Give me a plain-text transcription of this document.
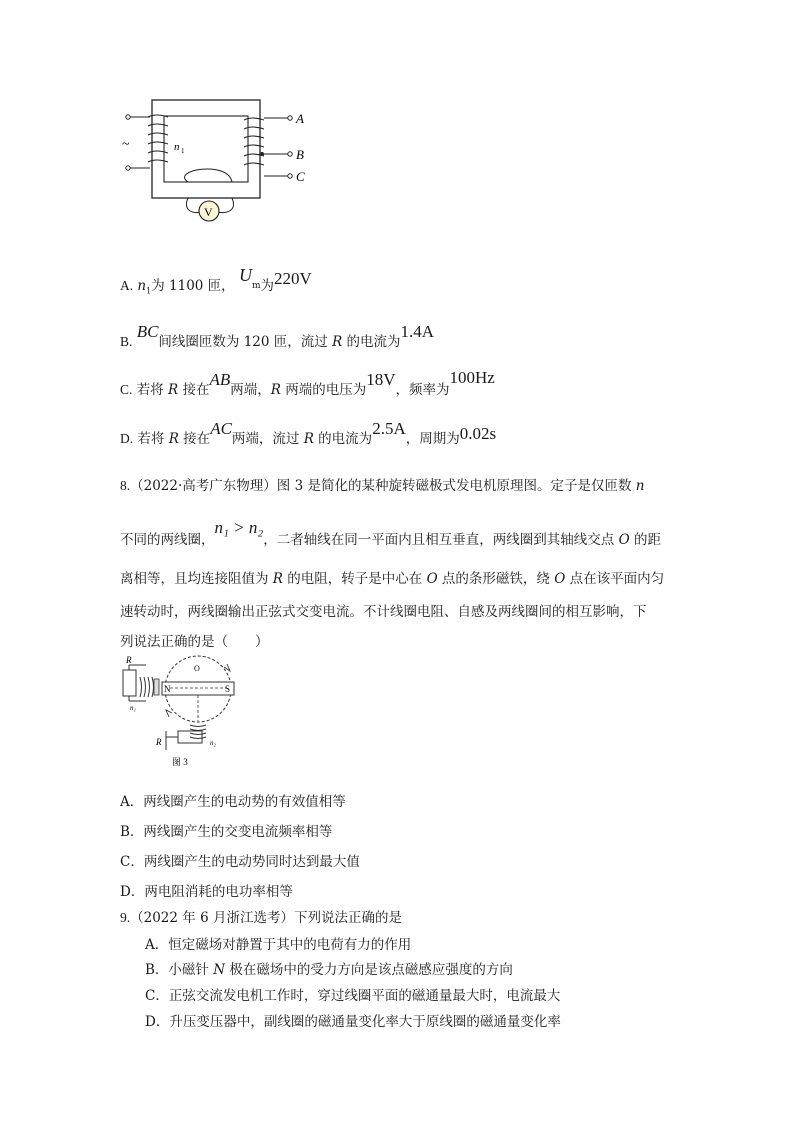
~	n 1
A
B
C
V
A. $n_1$为 1100 匝， $U_m$为220V
B. BC间线圈匝数为 120 匝，流过 R 的电流为1.4A
C. 若将 R 接在AB两端，R 两端的电压为18V，频率为100Hz
D. 若将 R 接在AC两端，流过 R 的电流为2.5A，周期为0.02s
8.（2022·高考广东物理）图 3 是简化的某种旋转磁极式发电机原理图。定子是仅匝数 n
不同的两线圈，n₁ > n₂，二者轴线在同一平面内且相互垂直，两线圈到其轴线交点 O 的距
离相等，且均连接阻值为 R 的电阻，转子是中心在 O 点的条形磁铁，绕 O 点在该平面内匀
速转动时，两线圈输出正弦式交变电流。不计线圈电阻、自感及两线圈间的相互影响，下
列说法正确的是（　　）
R
n₁
O
N	S
R	n₂
图 3
A．两线圈产生的电动势的有效值相等
B．两线圈产生的交变电流频率相等
C．两线圈产生的电动势同时达到最大值
D．两电阻消耗的电功率相等
9.（2022 年 6 月浙江选考）下列说法正确的是
A．恒定磁场对静置于其中的电荷有力的作用
B．小磁针 N 极在磁场中的受力方向是该点磁感应强度的方向
C．正弦交流发电机工作时，穿过线圈平面的磁通量最大时，电流最大
D．升压变压器中，副线圈的磁通量变化率大于原线圈的磁通量变化率
